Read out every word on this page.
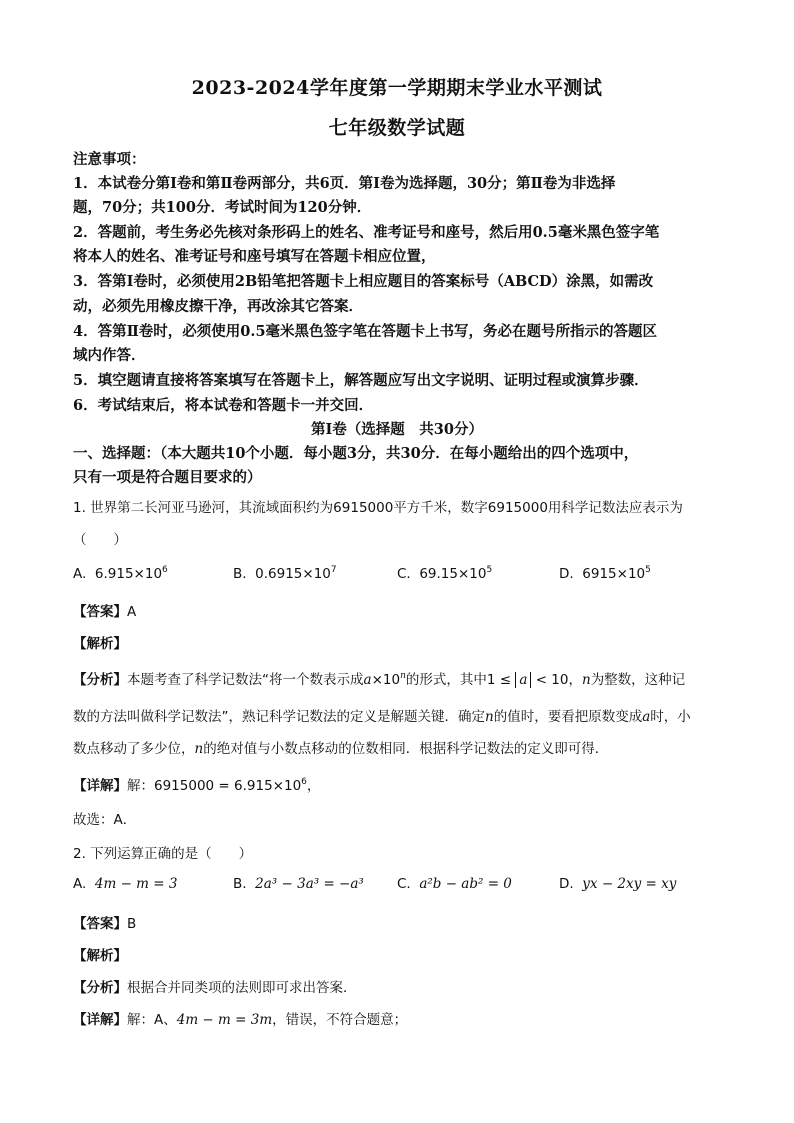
2023-2024学年度第一学期期末学业水平测试
七年级数学试题
注意事项：
1．本试卷分第Ⅰ卷和第Ⅱ卷两部分，共6页．第Ⅰ卷为选择题，30分；第Ⅱ卷为非选择
题，70分；共100分．考试时间为120分钟．
2．答题前，考生务必先核对条形码上的姓名、准考证号和座号，然后用0.5毫米黑色签字笔
将本人的姓名、准考证号和座号填写在答题卡相应位置，
3．答第Ⅰ卷时，必须使用2B铅笔把答题卡上相应题目的答案标号（ABCD）涂黑，如需改
动，必须先用橡皮擦干净，再改涂其它答案．
4．答第Ⅱ卷时，必须使用0.5毫米黑色签字笔在答题卡上书写，务必在题号所指示的答题区
域内作答．
5．填空题请直接将答案填写在答题卡上，解答题应写出文字说明、证明过程或演算步骤．
6．考试结束后，将本试卷和答题卡一并交回．
第Ⅰ卷（选择题　共30分）
一、选择题：（本大题共10个小题．每小题3分，共30分．在每小题给出的四个选项中，
只有一项是符合题目要求的）
1. 世界第二长河亚马逊河，其流域面积约为6915000平方千米，数字6915000用科学记数法应表示为
（　　）
A. $6.915\times 10^6$	B. $0.6915\times 10^7$	C. $69.15\times 10^5$	D. $6915\times 10^5$
【答案】A
【解析】
【分析】本题考查了科学记数法“将一个数表示成$a\times 10^n$的形式，其中1 ≤ a < 10，n为整数，这种记
数的方法叫做科学记数法”，熟记科学记数法的定义是解题关键．确定n的值时，要看把原数变成a时，小
数点移动了多少位，n的绝对值与小数点移动的位数相同．根据科学记数法的定义即可得．
【详解】解：$6915000 = 6.915\times 10^6$，
故选：A．
2. 下列运算正确的是（　　）
A. 4m − m = 3	B. 2a³ − 3a³ = −a³ C. a²b − ab² = 0	D. yx − 2xy = xy
【答案】B
【解析】
【分析】根据合并同类项的法则即可求出答案．
【详解】解：A、4m − m = 3m，错误，不符合题意；
